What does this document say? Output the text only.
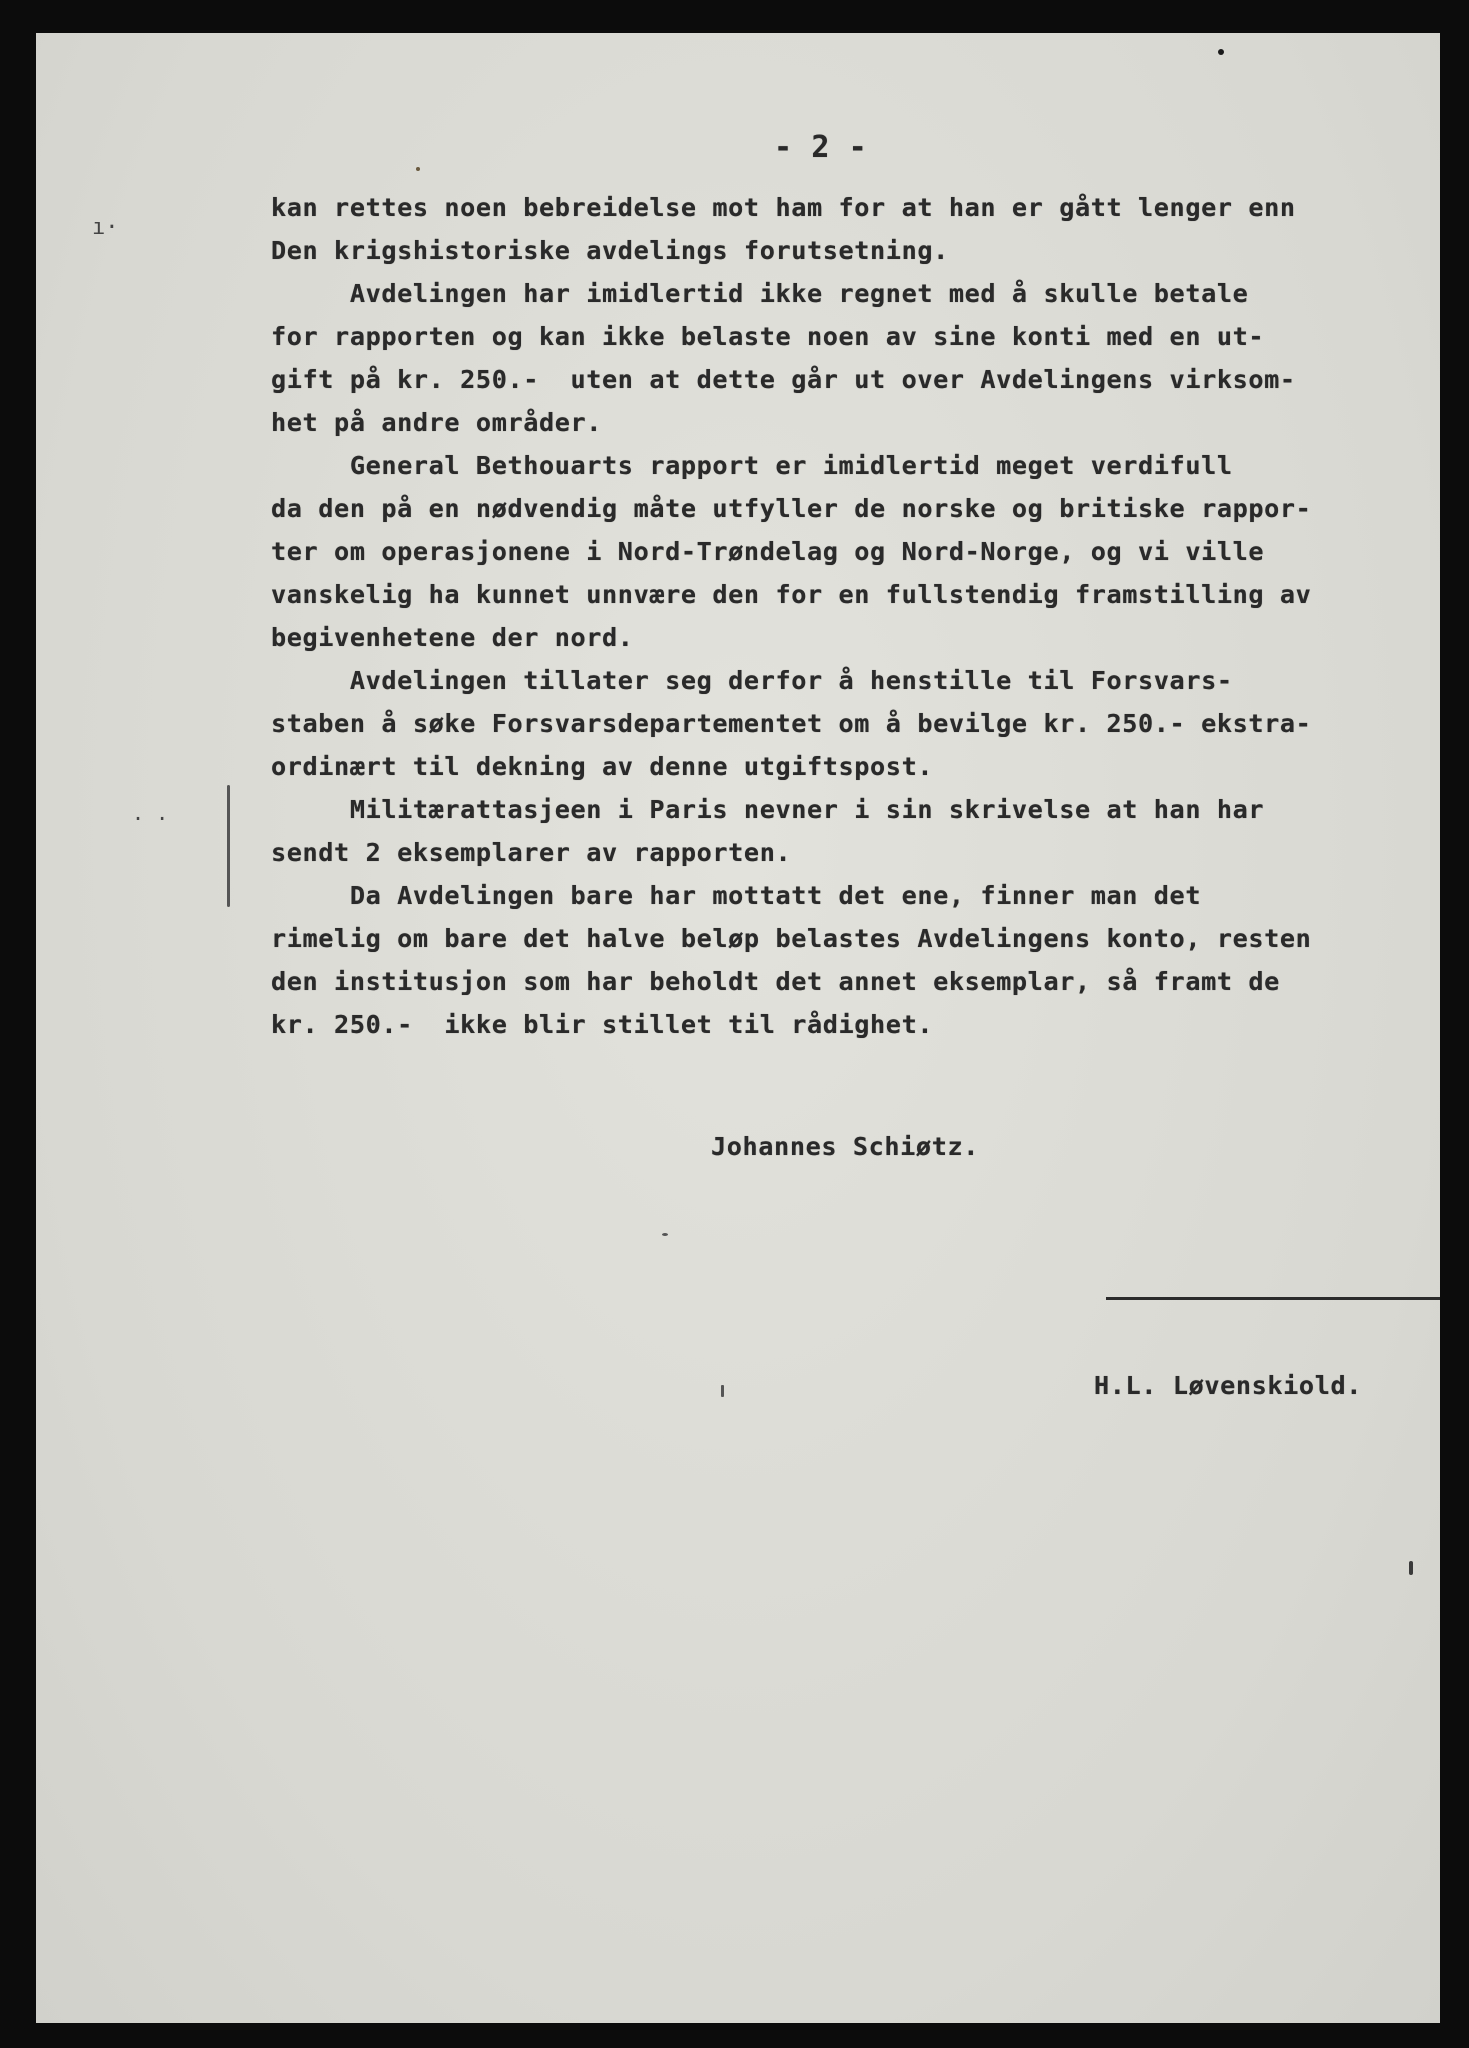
- 2 -
ı·
. .
kan rettes noen bebreidelse mot ham for at han er gått lenger enn
Den krigshistoriske avdelings forutsetning.
Avdelingen har imidlertid ikke regnet med å skulle betale
for rapporten og kan ikke belaste noen av sine konti med en ut-
gift på kr. 250.-  uten at dette går ut over Avdelingens virksom-
het på andre områder.
General Bethouarts rapport er imidlertid meget verdifull
da den på en nødvendig måte utfyller de norske og britiske rappor-
ter om operasjonene i Nord-Trøndelag og Nord-Norge, og vi ville
vanskelig ha kunnet unnvære den for en fullstendig framstilling av
begivenhetene der nord.
Avdelingen tillater seg derfor å henstille til Forsvars-
staben å søke Forsvarsdepartementet om å bevilge kr. 250.- ekstra-
ordinært til dekning av denne utgiftspost.
Militærattasjeen i Paris nevner i sin skrivelse at han har
sendt 2 eksemplarer av rapporten.
Da Avdelingen bare har mottatt det ene, finner man det
rimelig om bare det halve beløp belastes Avdelingens konto, resten
den institusjon som har beholdt det annet eksemplar, så framt de
kr. 250.-  ikke blir stillet til rådighet.
Johannes Schiøtz.
H.L. Løvenskiold.
